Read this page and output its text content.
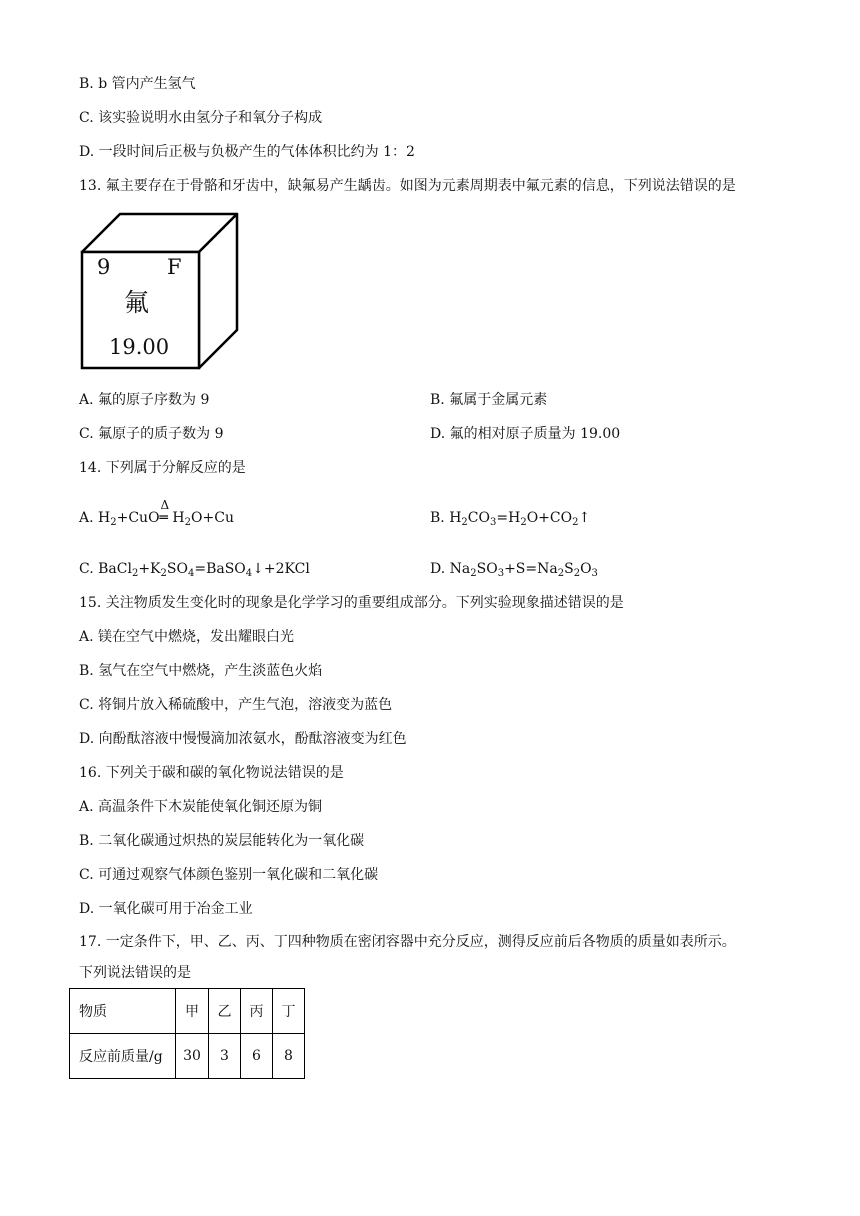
B. b 管内产生氢气
C. 该实验说明水由氢分子和氧分子构成
D. 一段时间后正极与负极产生的气体体积比约为 1：2
13. 氟主要存在于骨骼和牙齿中，缺氟易产生龋齿。如图为元素周期表中氟元素的信息，下列说法错误的是
9	F
氟
19.00
A. 氟的原子序数为 9	B. 氟属于金属元素
C. 氟原子的质子数为 9	D. 氟的相对原子质量为 19.00
14. 下列属于分解反应的是
A. $H_2+CuO═$
Δ
$H_2O+Cu$	B. $H_2CO_3=H_2O+CO_2↑$
C. $BaCl_2+K_2SO_4=BaSO_4↓+2KCl$	D. $Na_2SO_3+S=Na_2S_2O_3$
15. 关注物质发生变化时的现象是化学学习的重要组成部分。下列实验现象描述错误的是
A. 镁在空气中燃烧，发出耀眼白光
B. 氢气在空气中燃烧，产生淡蓝色火焰
C. 将铜片放入稀硫酸中，产生气泡，溶液变为蓝色
D. 向酚酞溶液中慢慢滴加浓氨水，酚酞溶液变为红色
16. 下列关于碳和碳的氧化物说法错误的是
A. 高温条件下木炭能使氧化铜还原为铜
B. 二氧化碳通过炽热的炭层能转化为一氧化碳
C. 可通过观察气体颜色鉴别一氧化碳和二氧化碳
D. 一氧化碳可用于冶金工业
17. 一定条件下，甲、乙、丙、丁四种物质在密闭容器中充分反应，测得反应前后各物质的质量如表所示。
下列说法错误的是
物质	甲	乙	丙	丁
反应前质量/g	30	3	6	8
